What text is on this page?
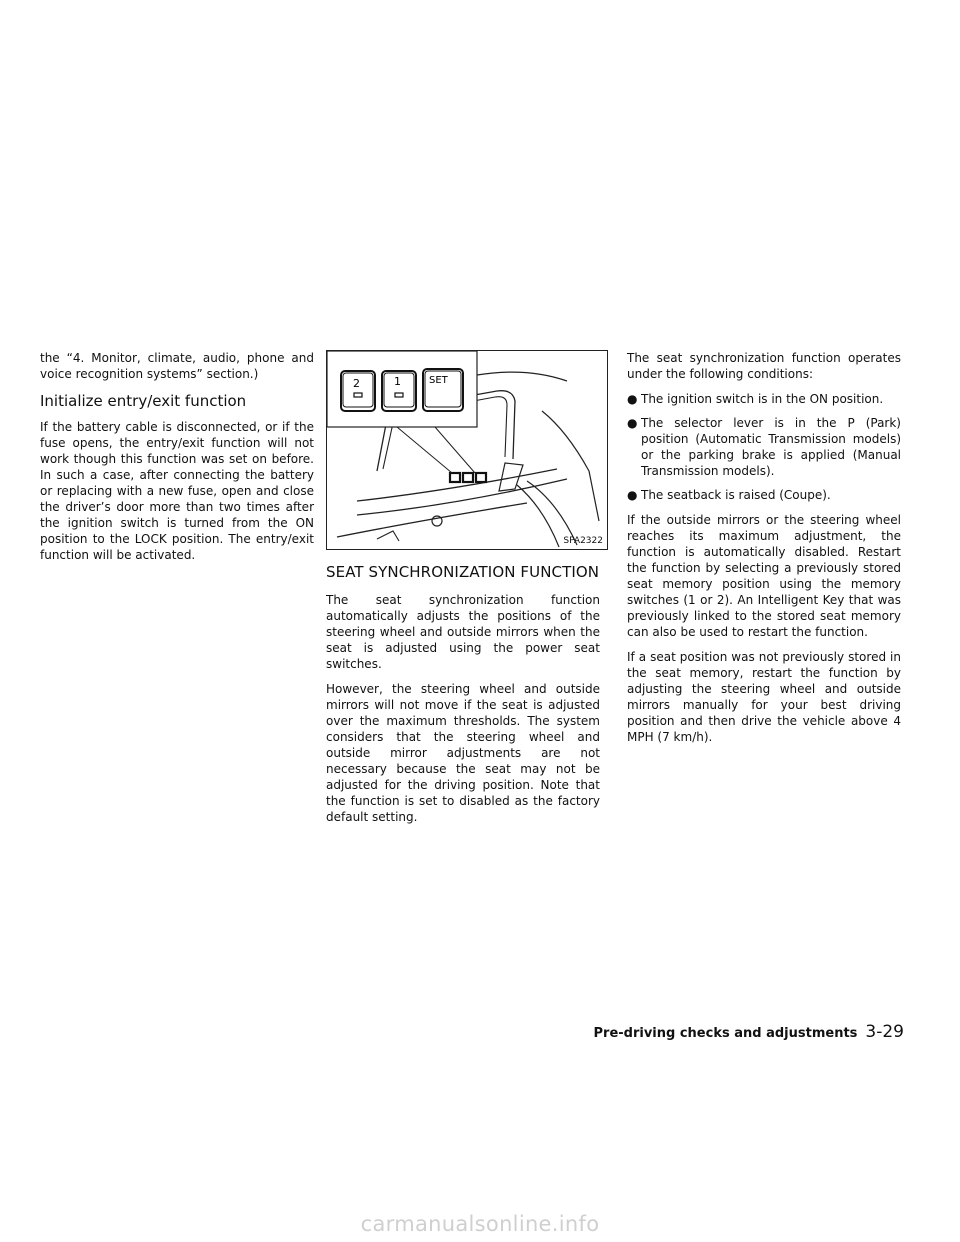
the “4. Monitor, climate, audio, phone and voice recognition systems” section.)

Initialize entry/exit function

If the battery cable is disconnected, or if the fuse opens, the entry/exit function will not work though this function was set on before. In such a case, after connecting the battery or replacing with a new fuse, open and close the driver’s door more than two times after the ignition switch is turned from the ON position to the LOCK position. The entry/exit function will be activated.

2	1	SET
SPA2322
SEAT SYNCHRONIZATION FUNCTION

The seat synchronization function automatically adjusts the positions of the steering wheel and outside mirrors when the seat is adjusted using the power seat switches.

However, the steering wheel and outside mirrors will not move if the seat is adjusted over the maximum thresholds. The system considers that the steering wheel and outside mirror adjustments are not necessary because the seat may not be adjusted for the driving position. Note that the function is set to disabled as the factory default setting.

The seat synchronization function operates under the following conditions:

● The ignition switch is in the ON position.
● The selector lever is in the P (Park) position (Automatic Transmission models) or the parking brake is applied (Manual Transmission models).
● The seatback is raised (Coupe).

If the outside mirrors or the steering wheel reaches its maximum adjustment, the function is automatically disabled. Restart the function by selecting a previously stored seat memory position using the memory switches (1 or 2). An Intelligent Key that was previously linked to the stored seat memory can also be used to restart the function.

If a seat position was not previously stored in the seat memory, restart the function by adjusting the steering wheel and outside mirrors manually for your best driving position and then drive the vehicle above 4 MPH (7 km/h).

Pre-driving checks and adjustments 3-29
carmanualsonline.info
